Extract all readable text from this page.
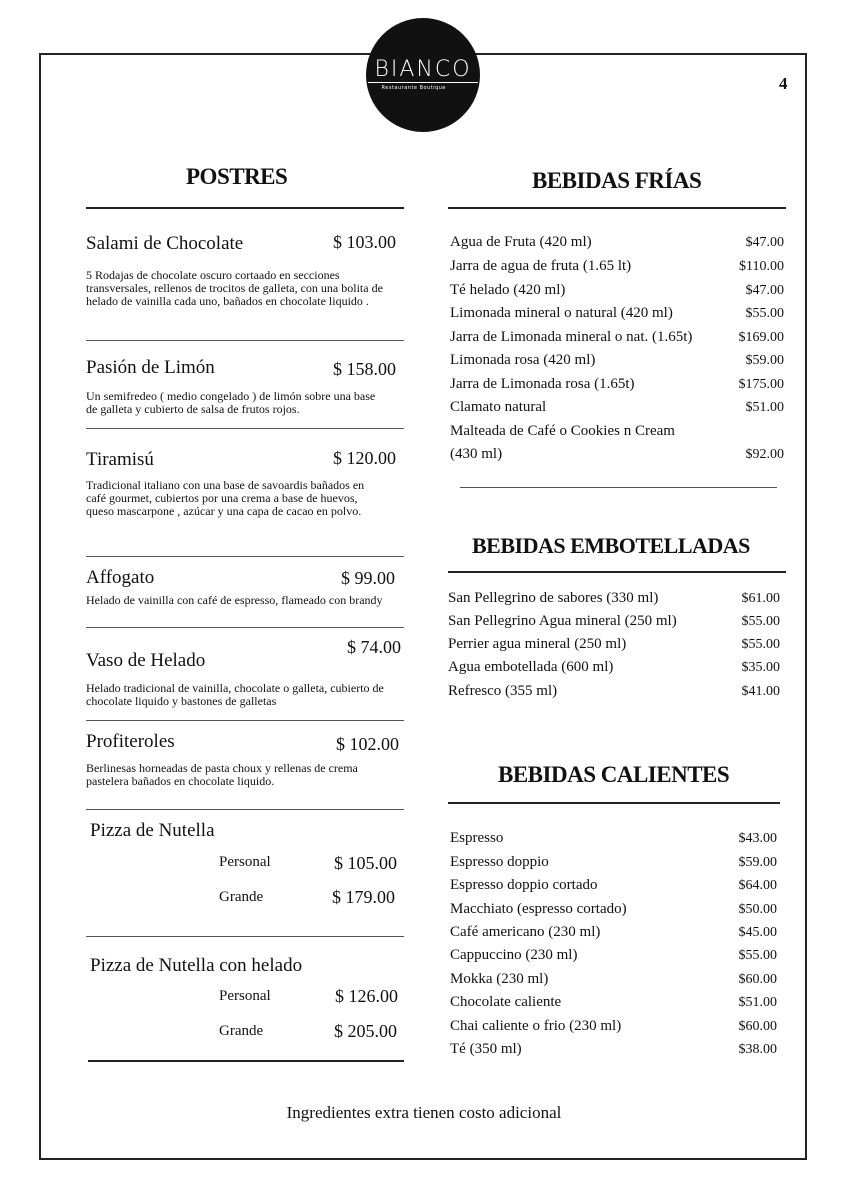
BIANCO
Restaurante Boutique	4
POSTRES
Salami de Chocolate	$ 103.00
5 Rodajas de chocolate oscuro cortaado en secciones transversales, rellenos de trocitos de galleta, con una bolita de helado de vainilla cada uno, bañados en chocolate liquido .
Pasión de Limón	$ 158.00
Un semifredeo ( medio congelado ) de limón sobre una base de galleta y cubierto de salsa de frutos rojos.
Tiramisú	$ 120.00
Tradicional italiano con una base de savoardis bañados en café gourmet, cubiertos por una crema a base de huevos, queso mascarpone , azúcar y una capa de cacao en polvo.
Affogato	$ 99.00
Helado de vainilla con café de espresso, flameado con brandy
Vaso de Helado
$ 74.00
Helado tradicional de vainilla, chocolate o galleta, cubierto de chocolate liquido y bastones de galletas
Profiteroles	$ 102.00
Berlinesas horneadas de pasta choux y rellenas de crema pastelera bañados en chocolate liquido.
Pizza de Nutella
Personal	$ 105.00
Grande	$ 179.00
Pizza de Nutella con helado
Personal	$ 126.00
Grande	$ 205.00
BEBIDAS FRÍAS
Agua de Fruta (420 ml)	$47.00
Jarra de agua de fruta (1.65 lt)	$110.00
Té helado (420 ml)	$47.00
Limonada mineral o natural (420 ml)	$55.00
Jarra de Limonada mineral o nat. (1.65t)	$169.00
Limonada rosa (420 ml)	$59.00
Jarra de Limonada rosa (1.65t)	$175.00
Clamato natural	$51.00
Malteada de Café o Cookies n Cream
(430 ml)	$92.00
BEBIDAS EMBOTELLADAS
San Pellegrino de sabores (330 ml)	$61.00
San Pellegrino Agua mineral (250 ml)	$55.00
Perrier agua mineral (250 ml)	$55.00
Agua embotellada (600 ml)	$35.00
Refresco (355 ml)	$41.00
BEBIDAS CALIENTES
Espresso	$43.00
Espresso doppio	$59.00
Espresso doppio cortado	$64.00
Macchiato (espresso cortado)	$50.00
Café americano (230 ml)	$45.00
Cappuccino (230 ml)	$55.00
Mokka (230 ml)	$60.00
Chocolate caliente	$51.00
Chai caliente o frio (230 ml)	$60.00
Té (350 ml)	$38.00
Ingredientes extra tienen costo adicional
